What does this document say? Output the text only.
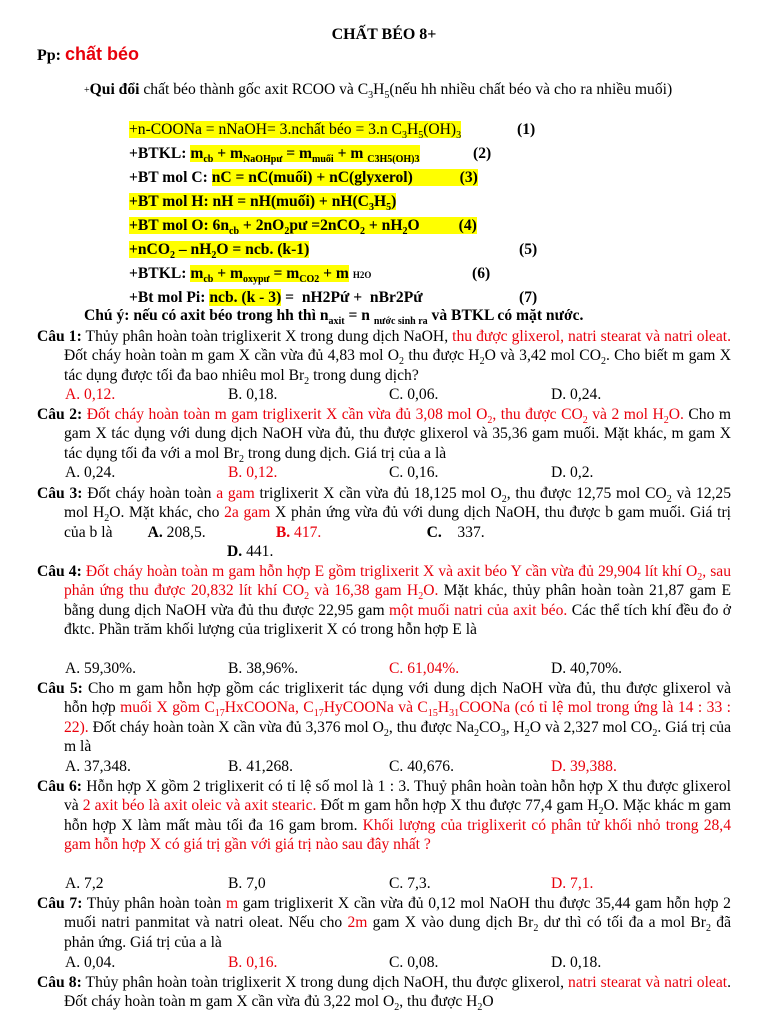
CHẤT BÉO 8+
Pp: chất béo
+Qui đổi chất béo thành gốc axit RCOO và $C_3H_5(nếu$ hh nhiều chất béo và cho ra nhiều muối)
+n-COONa = nNaOH= 3.nchất béo = 3.n $C_3H_5(OH)_3$	(1)
+BTKL: $m_{cb} + m_{NaOHpư} = m_{muối} + m$ $_{C3H5(OH)3}$	(2)
+BT mol C: nC = nC(muối) + nC(glyxerol)            (3)
+BT mol H: nH = nH(muối) + $nH(C_3H_5)$
+BT mol O: $6n_{cb}$ + $2nO_2pư =2nCO_2 + nH_2O$          (4)
$+nCO_2 - nH_2O$ = ncb. (k-1)	(5)
+BTKL: $m_{cb} + m_{oxypư} = m_{CO2} + m$ H2O	(6)
+Bt mol Pi: ncb. (k - 3) =  nH2Pứ +  nBr2Pứ	(7)
Chú ý: nếu có axit béo trong hh thì $n_{axit} = n$ $_{nước sinh ra}$ và BTKL có mặt nước.
Câu 1: Thủy phân hoàn toàn triglixerit X trong dung dịch NaOH, thu được glixerol, natri stearat và natri oleat. Đốt cháy hoàn toàn m gam X cần vừa đủ 4,83 mol $O_2$ thu được $H_2O$ và 3,42 mol $CO_2$. Cho biết m gam X tác dụng được tối đa bao nhiêu mol $Br_2$ trong dung dịch?
A. 0,12.	B. 0,18.	C. 0,06.	D. 0,24.
Câu 2: Đốt cháy hoàn toàn m gam triglixerit X cần vừa đủ 3,08 mol $O_2$, thu được $CO_2$ và 2 mol $H_2O$. Cho m gam X tác dụng với dung dịch NaOH vừa đủ, thu được glixerol và 35,36 gam muối. Mặt khác, m gam X tác dụng tối đa với a mol $Br_2$ trong dung dịch. Giá trị của a là
A. 0,24.	B. 0,12.	C. 0,16.	D. 0,2.
Câu 3: Đốt cháy hoàn toàn a gam triglixerit X cần vừa đủ 18,125 mol $O_2$, thu được 12,75 mol $CO_2$ và 12,25 mol $H_2O$. Mặt khác, cho 2a gam X phản ứng vừa đủ với dung dịch NaOH, thu được b gam muối. Giá trị của b là         A. 208,5.                  B. 417.	C.    337.
D. 441.
Câu 4: Đốt cháy hoàn toàn m gam hỗn hợp E gồm triglixerit X và axit béo Y cần vừa đủ 29,904 lít khí $O_2$, sau phản ứng thu được 20,832 lít khí $CO_2$ và 16,38 gam $H_2O$. Mặt khác, thủy phân hoàn toàn 21,87 gam E bằng dung dịch NaOH vừa đủ thu được 22,95 gam một muối natri của axit béo. Các thể tích khí đều đo ở đktc. Phần trăm khối lượng của triglixerit X có trong hỗn hợp E là
A. 59,30%.	B. 38,96%.	C. 61,04%.	D. 40,70%.
Câu 5: Cho m gam hỗn hợp gồm các triglixerit tác dụng với dung dịch NaOH vừa đủ, thu được glixerol và hỗn hợp muối X gồm $C_{17}HxCOONa$, $C_{17}HyCOONa$ và $C_{15}H_{31}COONa$ (có tỉ lệ mol trong ứng là 14 : 33 : 22). Đốt cháy hoàn toàn X cần vừa đủ 3,376 mol $O_2$, thu được $Na_2CO_3$, $H_2O$ và 2,327 mol $CO_2$. Giá trị của m là
A. 37,348.	B. 41,268.	C. 40,676.	D. 39,388.
Câu 6: Hỗn hợp X gồm 2 triglixerit có tỉ lệ số mol là 1 : 3. Thuỷ phân hoàn toàn hỗn hợp X thu được glixerol và 2 axit béo là axit oleic và axit stearic. Đốt m gam hỗn hợp X thu được 77,4 gam $H_2O$. Mặc khác m gam hỗn hợp X làm mất màu tối đa 16 gam brom. Khối lượng của triglixerit có phân tử khối nhỏ trong 28,4 gam hỗn hợp X có giá trị gần với giá trị nào sau đây nhất ?
A. 7,2	B. 7,0	C. 7,3.	D. 7,1.
Câu 7: Thủy phân hoàn toàn m gam triglixerit X cần vừa đủ 0,12 mol NaOH thu được 35,44 gam hỗn hợp 2 muối natri panmitat và natri oleat. Nếu cho 2m gam X vào dung dịch $Br_2$ dư thì có tối đa a mol $Br_2$ đã phản ứng. Giá trị của a là
A. 0,04.	B. 0,16.	C. 0,08.	D. 0,18.
Câu 8: Thủy phân hoàn toàn triglixerit X trong dung dịch NaOH, thu được glixerol, natri stearat và natri oleat. Đốt cháy hoàn toàn m gam X cần vừa đủ 3,22 mol $O_2$, thu được $H_2O$
